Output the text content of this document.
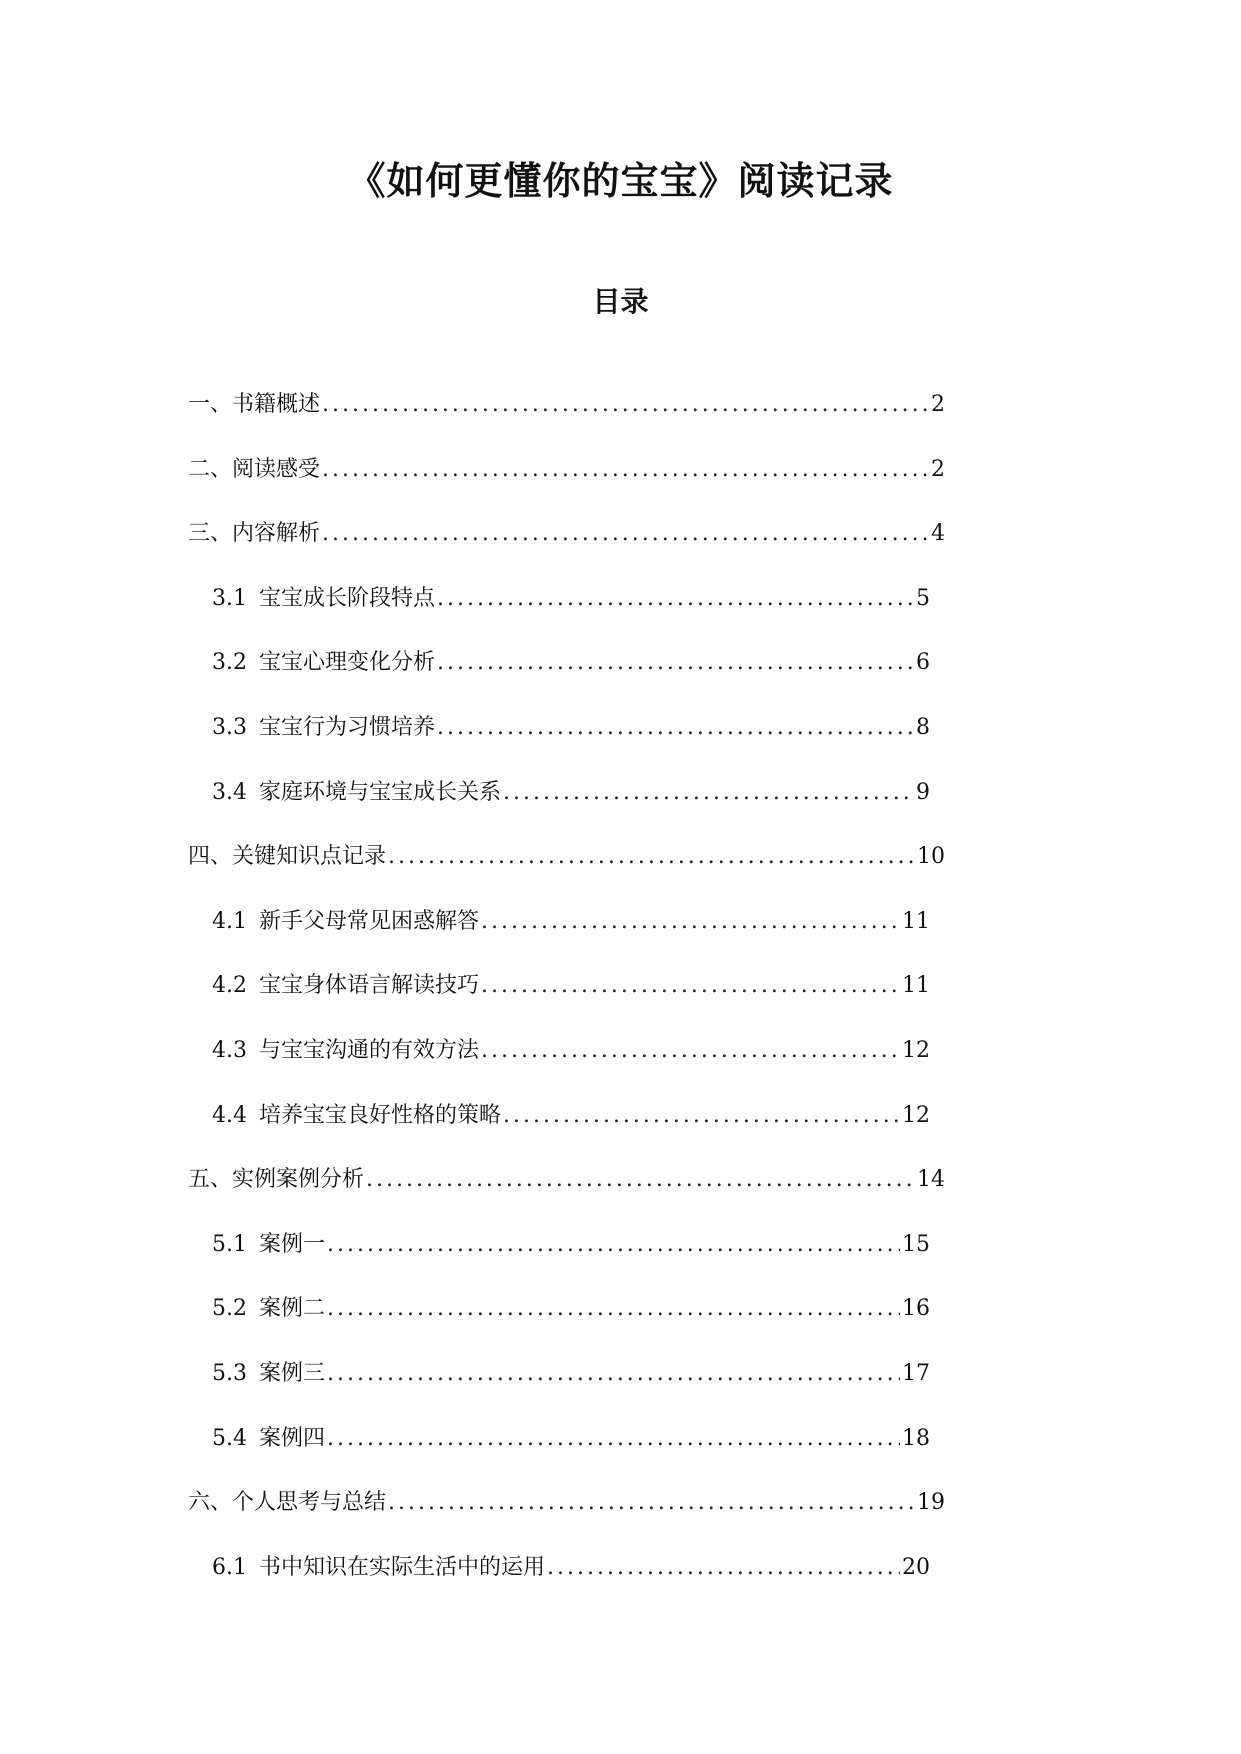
《如何更懂你的宝宝》阅读记录
目录
一、书籍概述 .....	2
二、阅读感受 .....	2
三、内容解析 .....	4
3.1 宝宝成长阶段特点 .....	5
3.2 宝宝心理变化分析 .....	6
3.3 宝宝行为习惯培养 .....	8
3.4 家庭环境与宝宝成长关系 .....	9
四、关键知识点记录 .....	10
4.1 新手父母常见困惑解答 .....	11
4.2 宝宝身体语言解读技巧 .....	11
4.3 与宝宝沟通的有效方法 .....	12
4.4 培养宝宝良好性格的策略 .....	12
五、实例案例分析 .....	14
5.1 案例一 .....	15
5.2 案例二 .....	16
5.3 案例三 .....	17
5.4 案例四 .....	18
六、个人思考与总结 .....	19
6.1 书中知识在实际生活中的运用 .....	20
